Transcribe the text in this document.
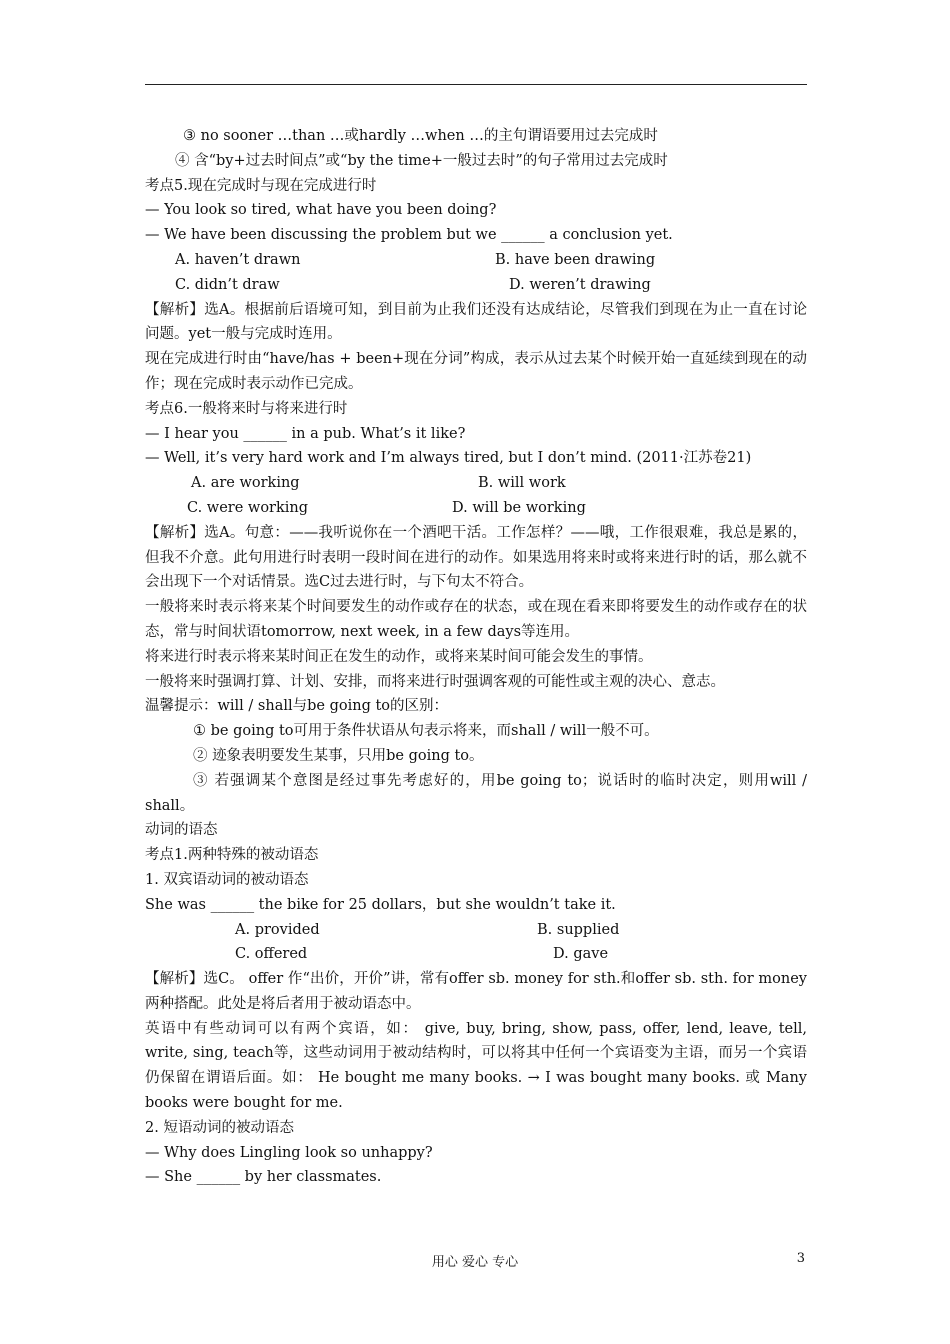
③ no sooner …than …或hardly …when …的主句谓语要用过去完成时
④ 含“by+过去时间点”或“by the time+一般过去时”的句子常用过去完成时
考点5.现在完成时与现在完成进行时
— You look so tired, what have you been doing?
— We have been discussing the problem but we ______ a conclusion yet.
A. haven’t drawn	B. have been drawing
C. didn’t draw	D. weren’t drawing
【解析】选A。根据前后语境可知，到目前为止我们还没有达成结论，尽管我们到现在为止一直在讨论问题。yet一般与完成时连用。
现在完成进行时由“have/has + been+现在分词”构成，表示从过去某个时候开始一直延续到现在的动作；现在完成时表示动作已完成。
考点6.一般将来时与将来进行时
— I hear you ______ in a pub. What’s it like?
— Well, it’s very hard work and I’m always tired, but I don’t mind. (2011·江苏卷21)
A. are working	B. will work
C. were working	D. will be working
【解析】选A。句意：——我听说你在一个酒吧干活。工作怎样？——哦，工作很艰难，我总是累的，但我不介意。此句用进行时表明一段时间在进行的动作。如果选用将来时或将来进行时的话，那么就不会出现下一个对话情景。选C过去进行时，与下句太不符合。
一般将来时表示将来某个时间要发生的动作或存在的状态，或在现在看来即将要发生的动作或存在的状态，常与时间状语tomorrow, next week, in a few days等连用。
将来进行时表示将来某时间正在发生的动作，或将来某时间可能会发生的事情。
一般将来时强调打算、计划、安排，而将来进行时强调客观的可能性或主观的决心、意志。
温馨提示：will / shall与be going to的区别：
① be going to可用于条件状语从句表示将来，而shall / will一般不可。
② 迹象表明要发生某事，只用be going to。
③ 若强调某个意图是经过事先考虑好的，用be going to；说话时的临时决定，则用will / shall。
动词的语态
考点1.两种特殊的被动语态
1. 双宾语动词的被动语态
She was ______ the bike for 25 dollars，but she wouldn’t take it.
A. provided	B. supplied
C. offered	D. gave
【解析】选C。 offer 作“出价，开价”讲，常有offer sb. money for sth.和offer sb. sth. for money两种搭配。此处是将后者用于被动语态中。
英语中有些动词可以有两个宾语，如： give, buy, bring, show, pass, offer, lend, leave, tell, write, sing, teach等，这些动词用于被动结构时，可以将其中任何一个宾语变为主语，而另一个宾语仍保留在谓语后面。如： He bought me many books. → I was bought many books. 或 Many books were bought for me.
2. 短语动词的被动语态
— Why does Lingling look so unhappy?
— She ______ by her classmates.
用心 爱心 专心	3
